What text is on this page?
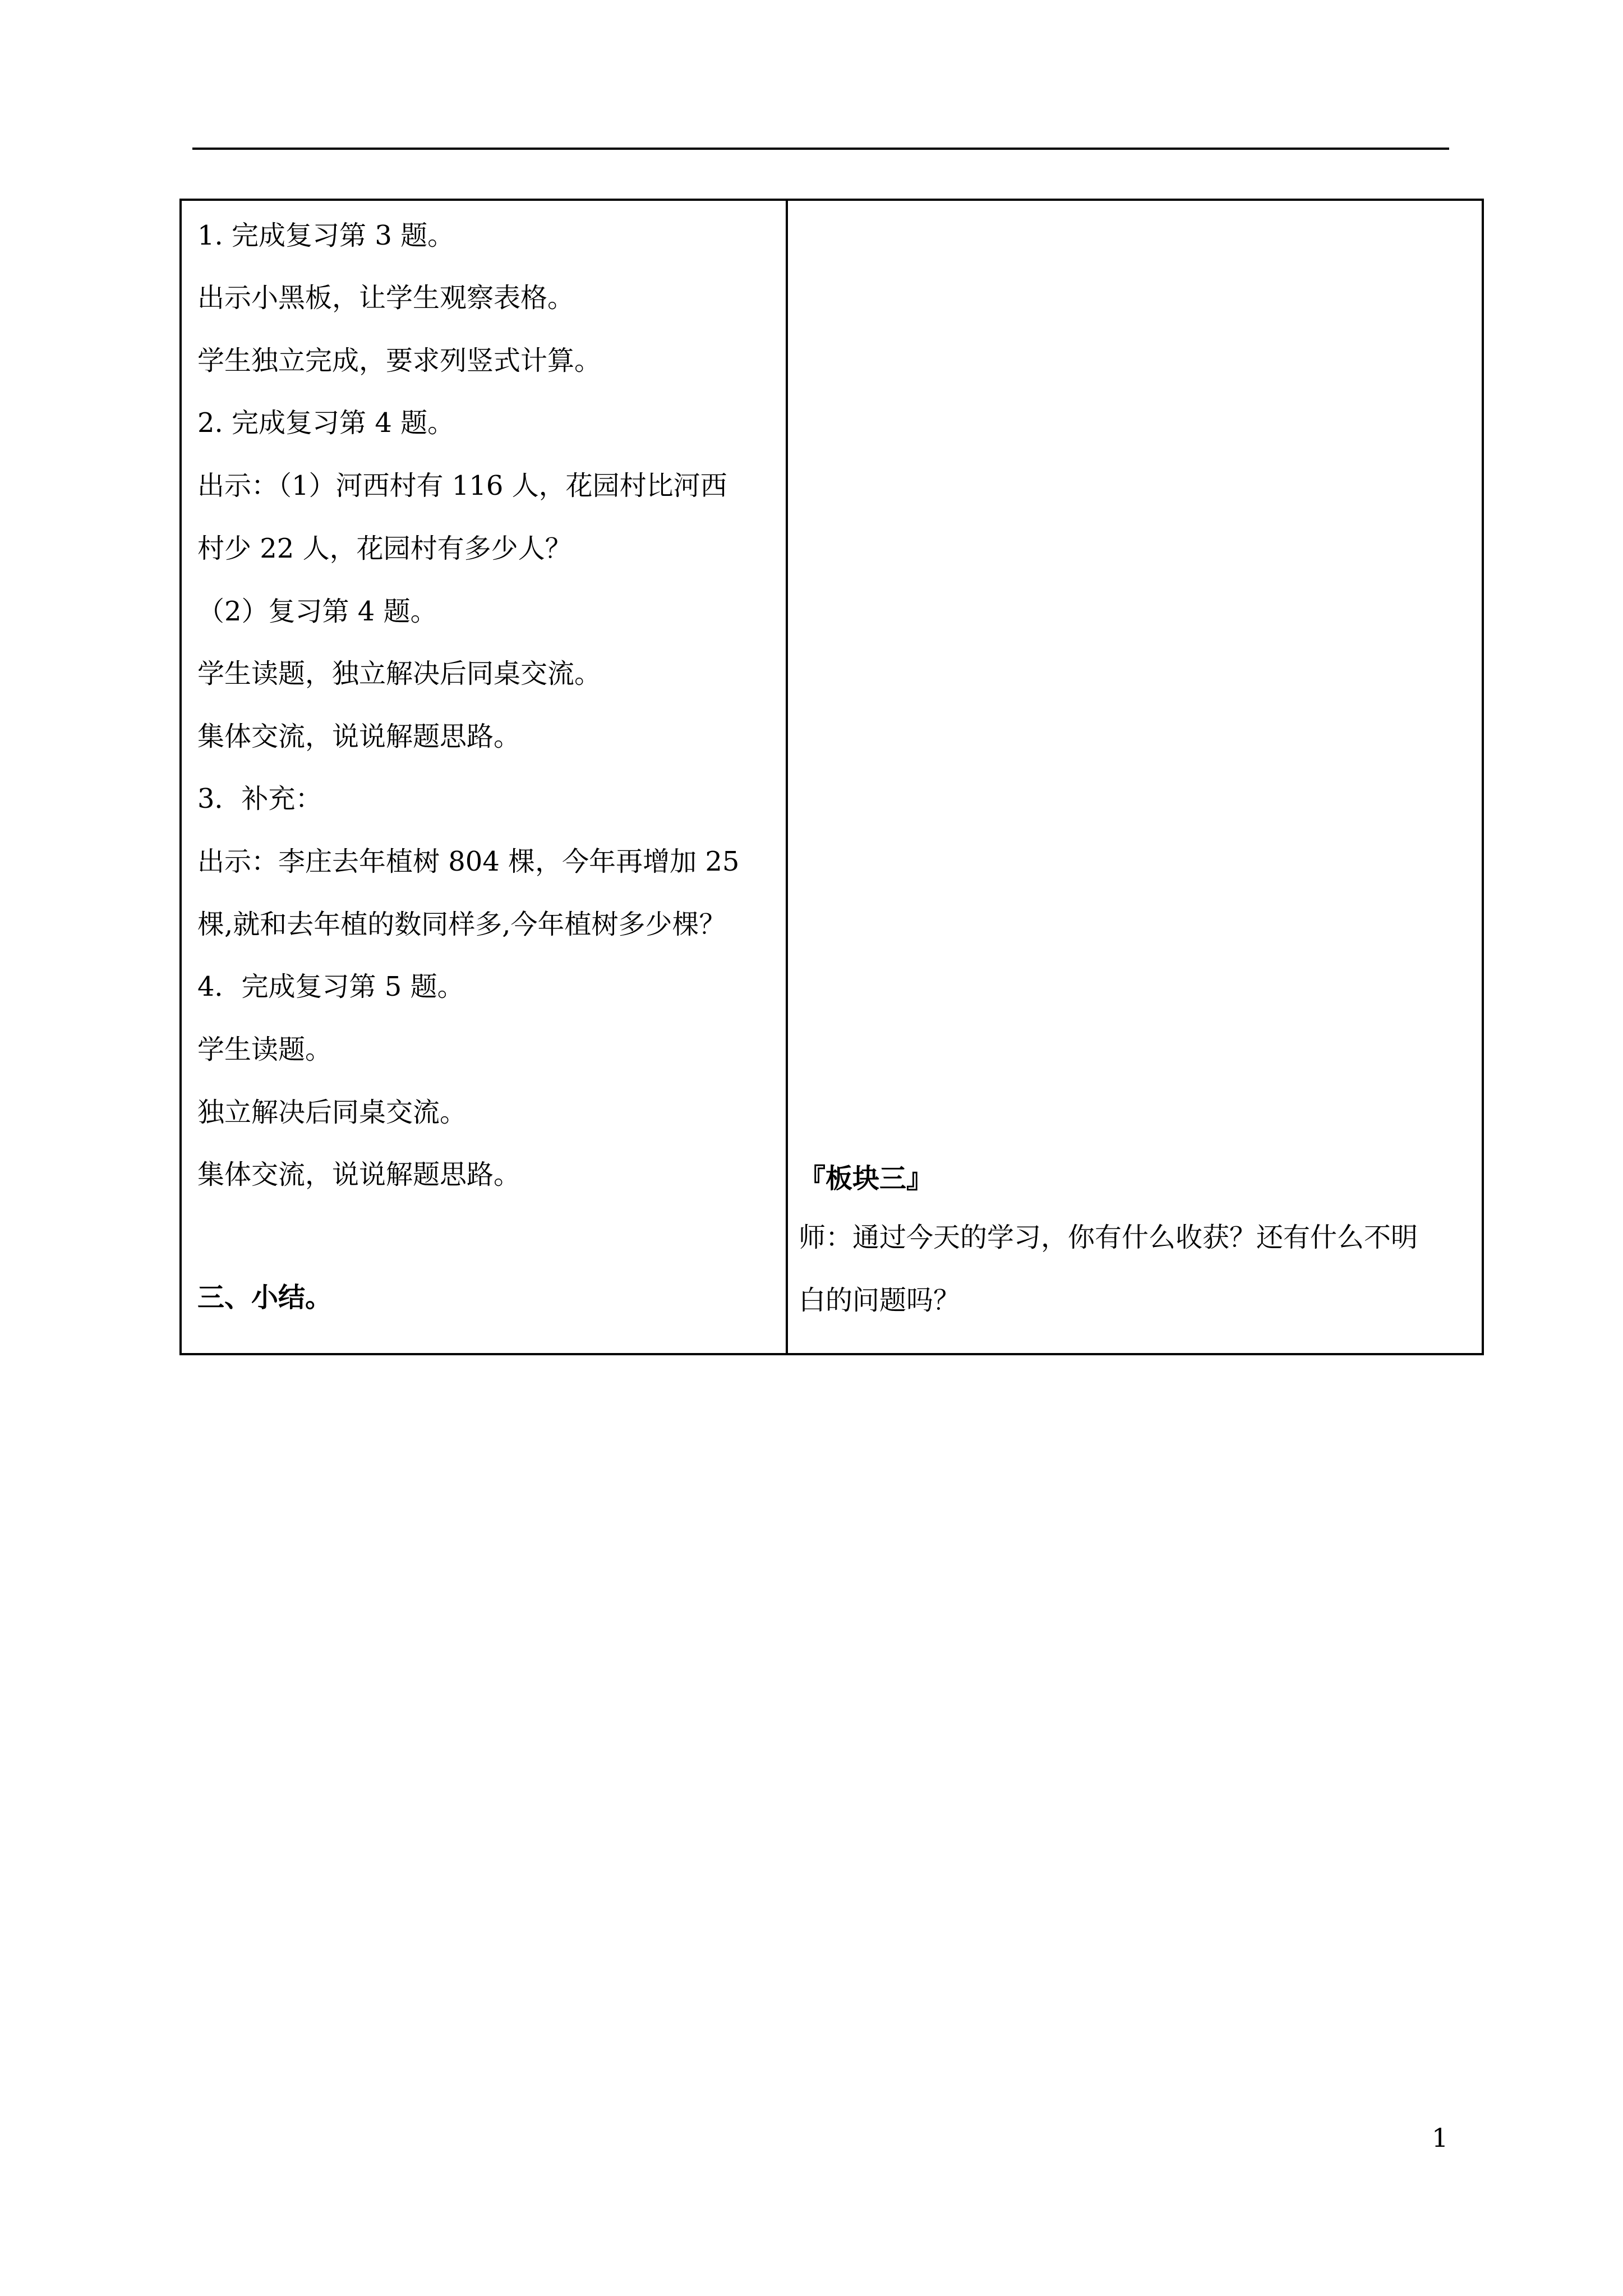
1. 完成复习第 3 题。
出示小黑板，让学生观察表格。
学生独立完成，要求列竖式计算。
2. 完成复习第 4 题。
出示：（1）河西村有 116 人，花园村比河西
村少 22 人，花园村有多少人？
（2）复习第 4 题。
学生读题，独立解决后同桌交流。
集体交流，说说解题思路。
3．补充：
出示：李庄去年植树 804 棵，今年再增加 25
棵,就和去年植的数同样多,今年植树多少棵？
4．完成复习第 5 题。
学生读题。
独立解决后同桌交流。
集体交流，说说解题思路。
三、小结。
『板块三』
师：通过今天的学习，你有什么收获？还有什么不明
白的问题吗？
1
